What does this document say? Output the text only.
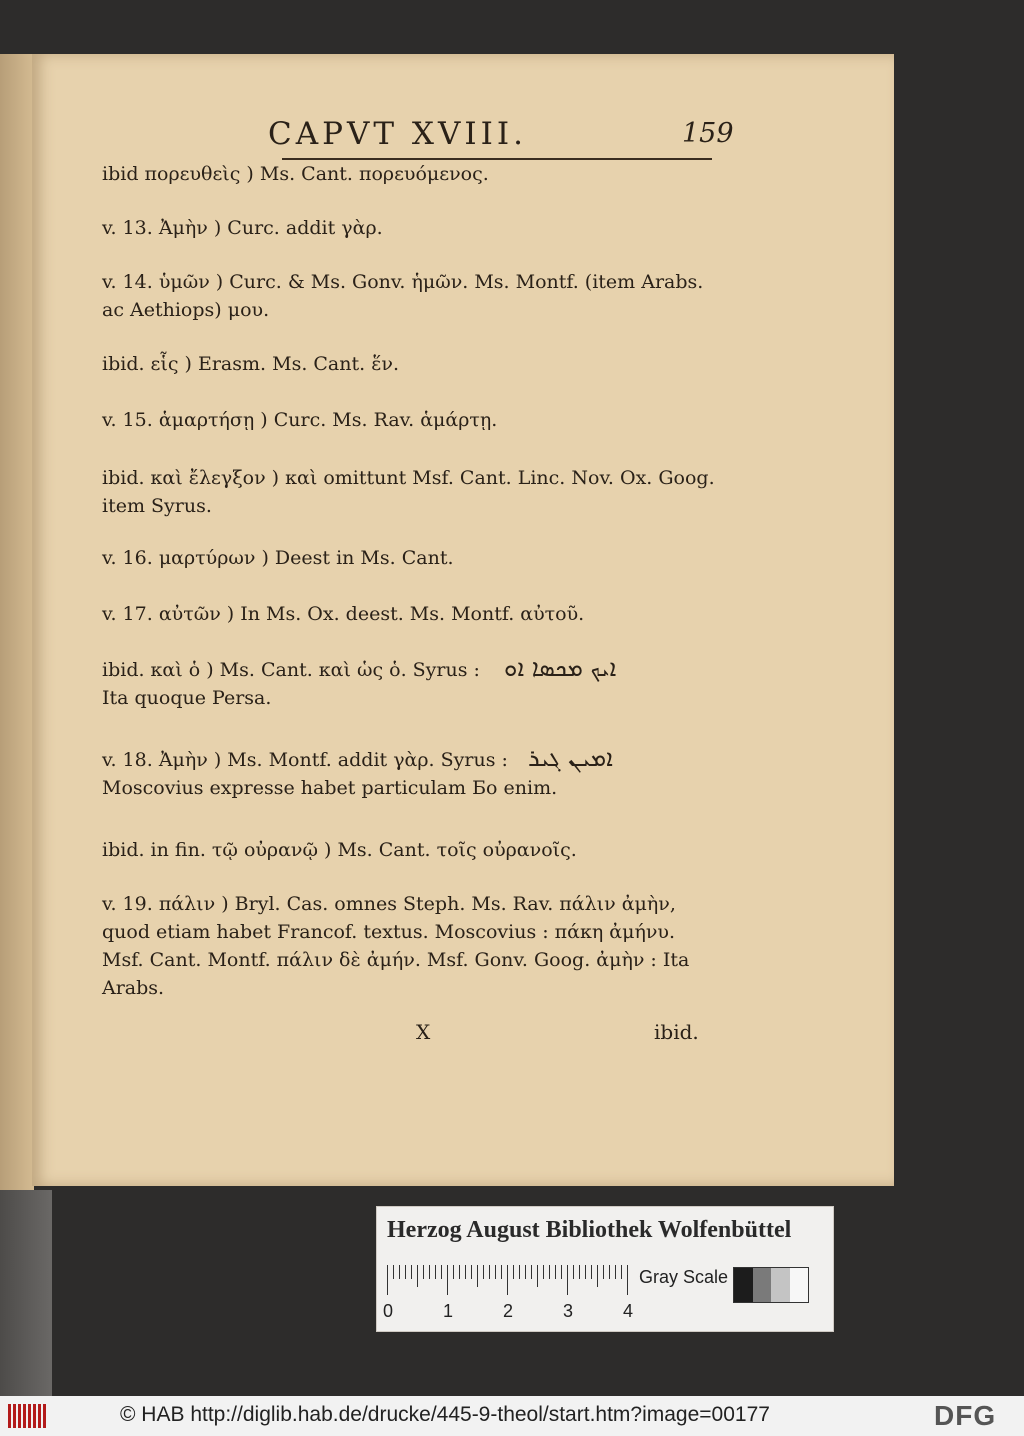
CAPVT XVIII.	159
ibid πορευθεὶς ) Ms. Cant. πορευόμενος.
v. 13. Ἀμὴν ) Curc. addit γὰρ.
v. 14. ὑμῶν ) Curc. & Ms. Gonv. ἡμῶν. Ms. Montf. (item Arabs.
ac Aethiops) μου.
ibid. εἷς ) Erasm. Ms. Cant. ἕν.
v. 15. ἁμαρτήσῃ ) Curc. Ms. Rav. ἁμάρτῃ.
ibid. καὶ ἔλεγξον ) καὶ omittunt Msf. Cant. Linc. Nov. Ox. Goog.
item Syrus.
v. 16. μαρτύρων ) Deest in Ms. Cant.
v. 17. αὐτῶν ) In Ms. Ox. deest. Ms. Montf. αὐτοῦ.
ibid. καὶ ὁ ) Ms. Cant. καὶ ὡς ὁ. Syrus : ܐܝܟ ܡܟܣܐ ܐܘ
Ita quoque Persa.
v. 18. Ἀμὴν ) Ms. Montf. addit γὰρ. Syrus : ܐܡܝܢ ܓܝܪ
Moscovius expresse habet particulam Бо enim.
ibid. in fin. τῷ οὐρανῷ ) Ms. Cant. τοῖς οὐρανοῖς.
v. 19. πάλιν ) Bryl. Cas. omnes Steph. Ms. Rav. πάλιν ἀμὴν,
quod etiam habet Francof. textus. Moscovius : πάκη ἀμήνυ.
Msf. Cant. Montf. πάλιν δὲ ἀμήν. Msf. Gonv. Goog. ἀμὴν : Ita
Arabs.
X	ibid.
Herzog August Bibliothek Wolfenbüttel
Gray Scale
0	1	2	3	4
© HAB http://diglib.hab.de/drucke/445-9-theol/start.htm?image=00177	DFG
